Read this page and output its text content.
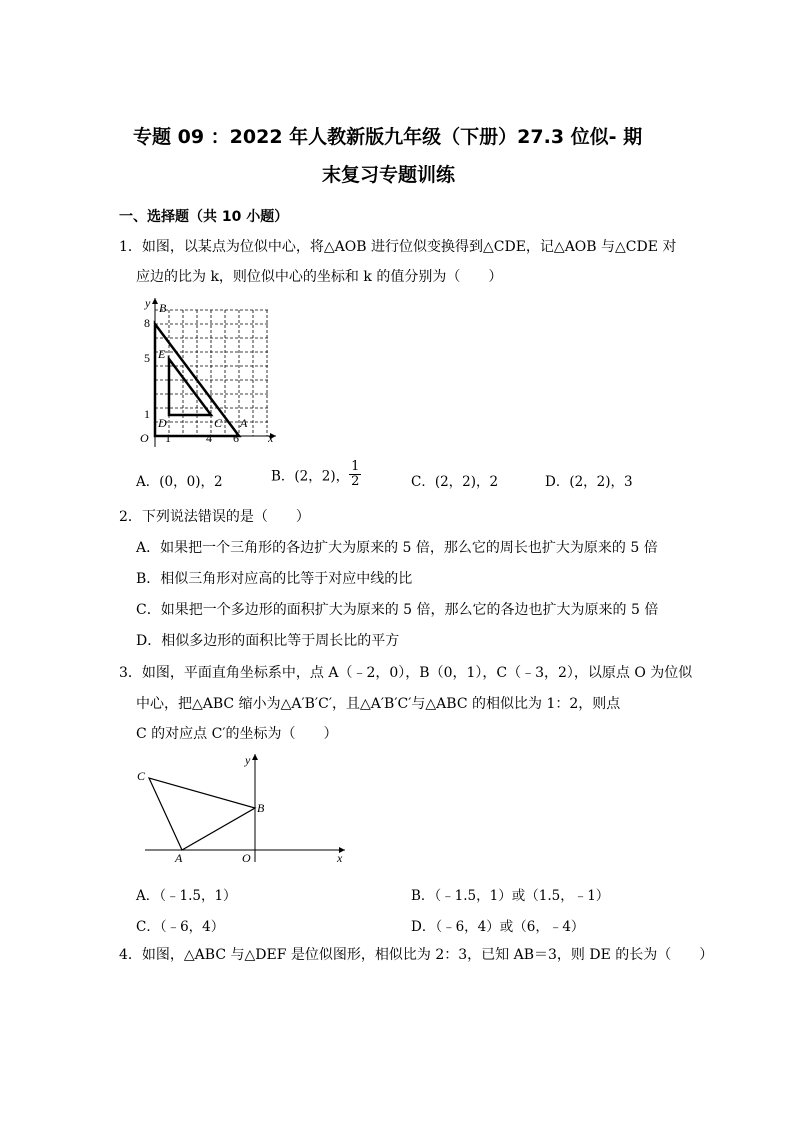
专题 09 ：2022 年人教新版九年级（下册）27.3 位似- 期
末复习专题训练
一、选择题（共 10 小题）
1．如图，以某点为位似中心，将△AOB 进行位似变换得到△CDE，记△AOB 与△CDE 对
应边的比为 k，则位似中心的坐标和 k 的值分别为（　　）
y
x
O
8
5
1
1	4 6
B
E
D	C A
A．(0，0)，2	B．(2，2)， $\frac{1}{2}$	C．(2，2)，2	D．(2，2)，3
2．下列说法错误的是（　　）
A．如果把一个三角形的各边扩大为原来的 5 倍，那么它的周长也扩大为原来的 5 倍
B．相似三角形对应高的比等于对应中线的比
C．如果把一个多边形的面积扩大为原来的 5 倍，那么它的各边也扩大为原来的 5 倍
D．相似多边形的面积比等于周长比的平方
3．如图，平面直角坐标系中，点 A（﹣2，0），B（0，1），C（﹣3，2），以原点 O 为位似
中心，把△ABC 缩小为△A′B′C′，且△A′B′C′与△ABC 的相似比为 1：2，则点
C 的对应点 C′的坐标为（　　）
y
x
O
C
B
A
A．（﹣1.5，1）	B．（﹣1.5，1）或（1.5，﹣1）
C．（﹣6，4）	D．（﹣6，4）或（6，﹣4）
4．如图，△ABC 与△DEF 是位似图形，相似比为 2：3，已知 AB＝3，则 DE 的长为（　　）
